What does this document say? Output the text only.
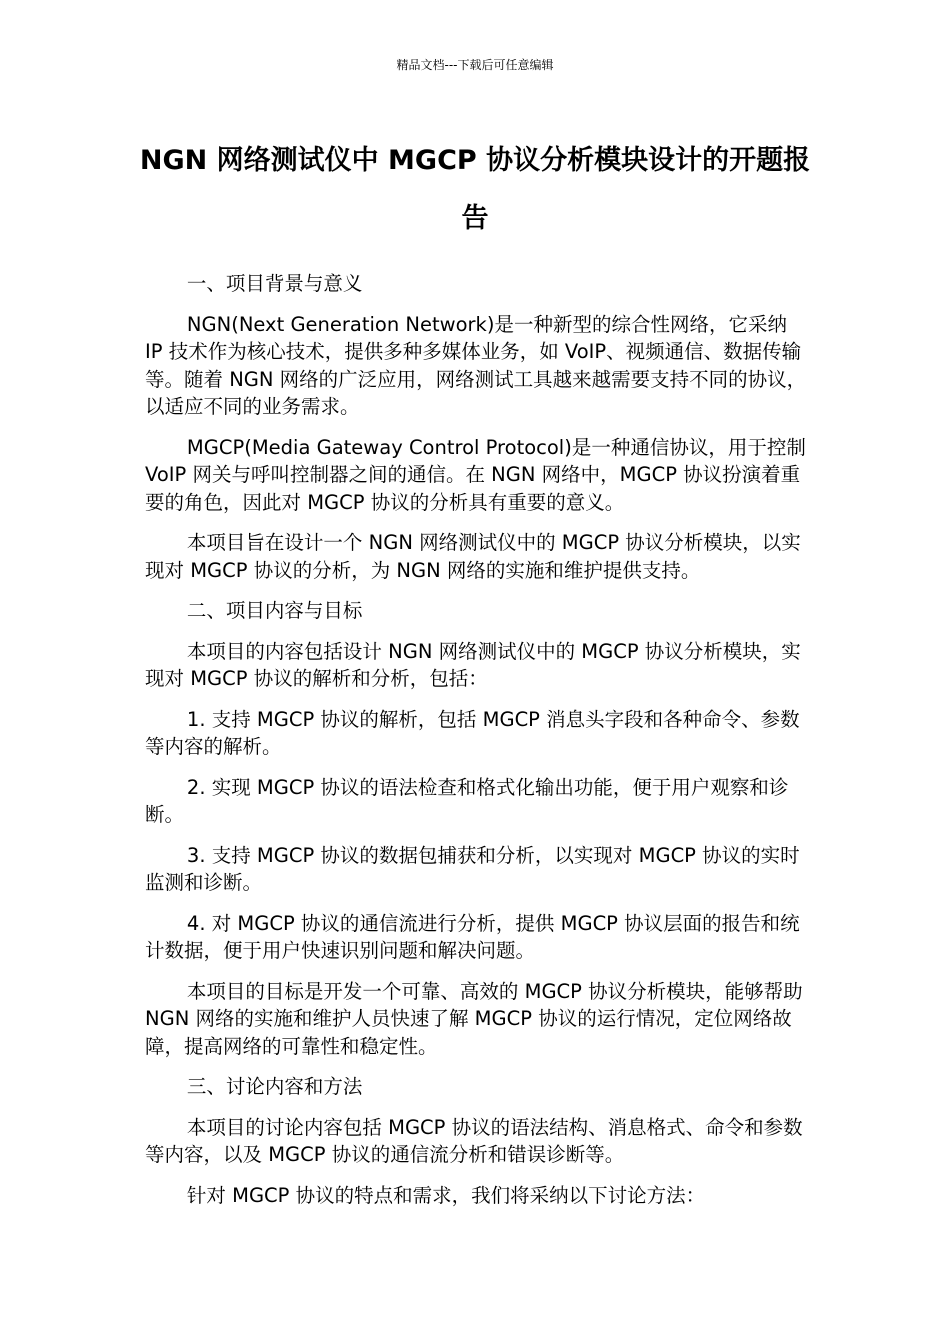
精品文档---下载后可任意编辑
NGN 网络测试仪中 MGCP 协议分析模块设计的开题报告

一、项目背景与意义

NGN(Next Generation Network)是一种新型的综合性网络，它采纳 IP 技术作为核心技术，提供多种多媒体业务，如 VoIP、视频通信、数据传输等。随着 NGN 网络的广泛应用，网络测试工具越来越需要支持不同的协议，以适应不同的业务需求。

MGCP(Media Gateway Control Protocol)是一种通信协议，用于控制 VoIP 网关与呼叫控制器之间的通信。在 NGN 网络中，MGCP 协议扮演着重要的角色，因此对 MGCP 协议的分析具有重要的意义。

本项目旨在设计一个 NGN 网络测试仪中的 MGCP 协议分析模块，以实现对 MGCP 协议的分析，为 NGN 网络的实施和维护提供支持。

二、项目内容与目标

本项目的内容包括设计 NGN 网络测试仪中的 MGCP 协议分析模块，实现对 MGCP 协议的解析和分析，包括：

1. 支持 MGCP 协议的解析，包括 MGCP 消息头字段和各种命令、参数等内容的解析。

2. 实现 MGCP 协议的语法检查和格式化输出功能，便于用户观察和诊断。

3. 支持 MGCP 协议的数据包捕获和分析，以实现对 MGCP 协议的实时监测和诊断。

4. 对 MGCP 协议的通信流进行分析，提供 MGCP 协议层面的报告和统计数据，便于用户快速识别问题和解决问题。

本项目的目标是开发一个可靠、高效的 MGCP 协议分析模块，能够帮助 NGN 网络的实施和维护人员快速了解 MGCP 协议的运行情况，定位网络故障，提高网络的可靠性和稳定性。

三、讨论内容和方法

本项目的讨论内容包括 MGCP 协议的语法结构、消息格式、命令和参数等内容，以及 MGCP 协议的通信流分析和错误诊断等。

针对 MGCP 协议的特点和需求，我们将采纳以下讨论方法：
